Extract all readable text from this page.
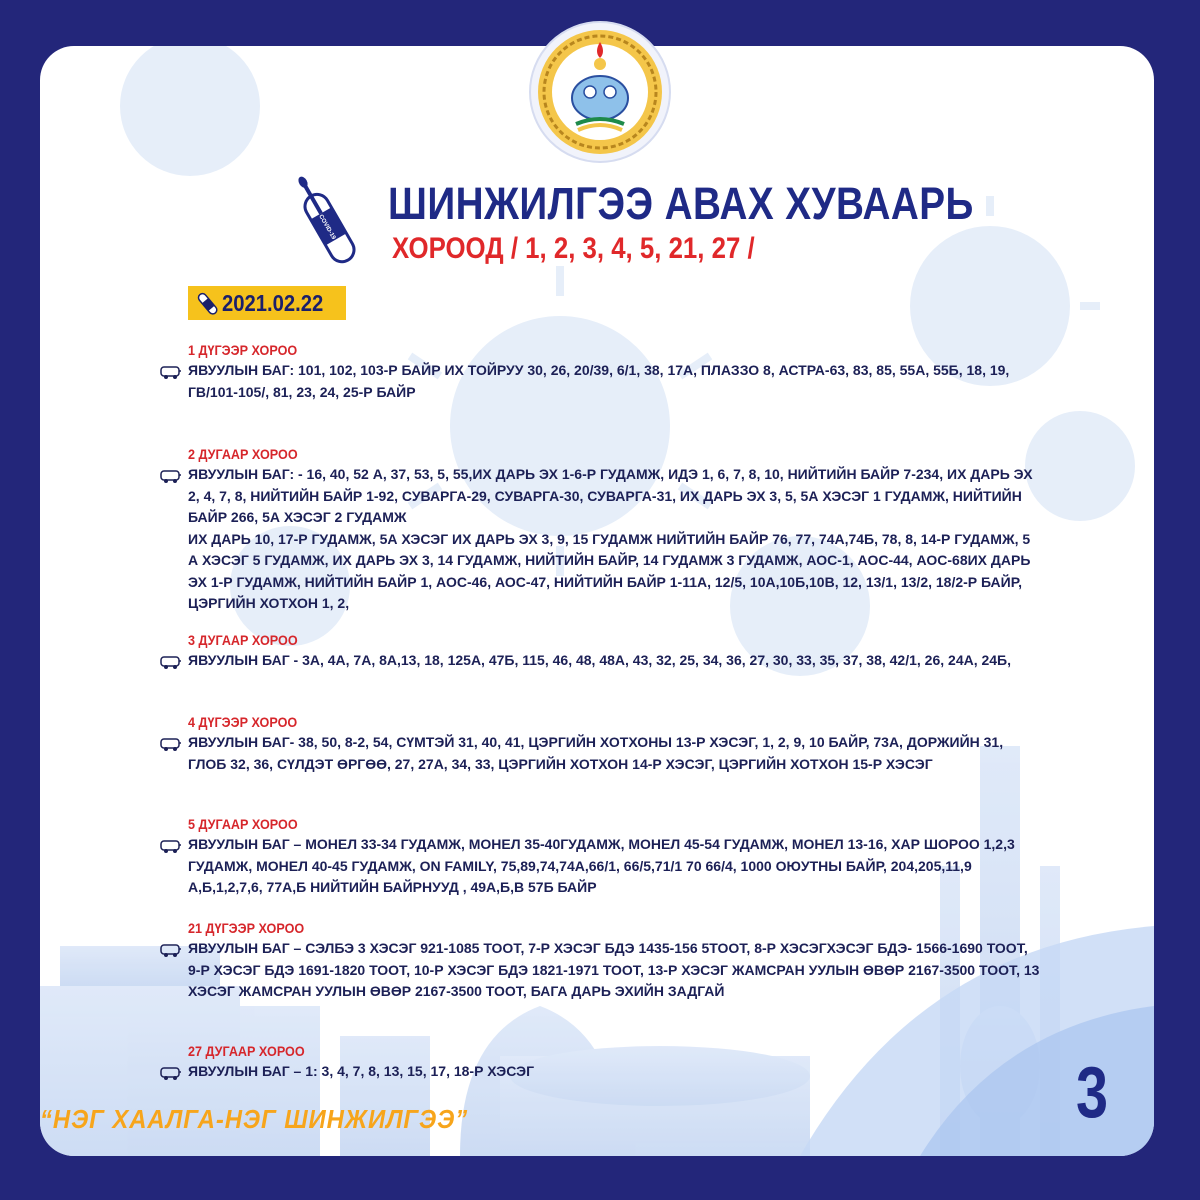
COVID-19 ШИНЖИЛГЭЭ АВАХ ХУВААРЬ
ХОРООД / 1, 2, 3, 4, 5, 21, 27 /
2021.02.22
1 ДҮГЭЭР ХОРОО

ЯВУУЛЫН БАГ: 101, 102, 103-Р БАЙР ИХ ТОЙРУУ 30, 26, 20/39, 6/1, 38, 17А, ПЛАЗЗО 8, АСТРА-63, 83, 85, 55А, 55Б, 18, 19, ГВ/101-105/, 81, 23, 24, 25-Р БАЙР

2 ДУГААР ХОРОО

ЯВУУЛЫН БАГ: - 16, 40, 52 А, 37, 53, 5, 55,ИХ ДАРЬ ЭХ 1-6-Р ГУДАМЖ, ИДЭ 1, 6, 7, 8, 10, НИЙТИЙН БАЙР 7-234, ИХ ДАРЬ ЭХ 2, 4, 7, 8, НИЙТИЙН БАЙР 1-92, СУВАРГА-29, СУВАРГА-30, СУВАРГА-31, ИХ ДАРЬ ЭХ 3, 5, 5А ХЭСЭГ 1 ГУДАМЖ, НИЙТИЙН БАЙР 266, 5А ХЭСЭГ 2 ГУДАМЖ

ИХ ДАРЬ 10, 17-Р ГУДАМЖ, 5А ХЭСЭГ ИХ ДАРЬ ЭХ 3, 9, 15 ГУДАМЖ НИЙТИЙН БАЙР 76, 77, 74А,74Б, 78, 8, 14-Р ГУДАМЖ, 5 А ХЭСЭГ 5 ГУДАМЖ, ИХ ДАРЬ ЭХ 3, 14 ГУДАМЖ, НИЙТИЙН БАЙР, 14 ГУДАМЖ 3 ГУДАМЖ, АОС-1, АОС-44, АОС-68ИХ ДАРЬ ЭХ 1-Р ГУДАМЖ, НИЙТИЙН БАЙР 1, АОС-46, АОС-47, НИЙТИЙН БАЙР 1-11А, 12/5, 10А,10Б,10В, 12, 13/1, 13/2, 18/2-Р БАЙР, ЦЭРГИЙН ХОТХОН 1, 2,

3 ДУГААР ХОРОО

ЯВУУЛЫН БАГ - 3А, 4А, 7А, 8А,13, 18, 125А, 47Б, 115, 46, 48, 48А, 43, 32, 25, 34, 36, 27, 30, 33, 35, 37, 38, 42/1, 26, 24А, 24Б,

4 ДҮГЭЭР ХОРОО

ЯВУУЛЫН БАГ- 38, 50, 8-2, 54, СҮМТЭЙ 31, 40, 41, ЦЭРГИЙН ХОТХОНЫ 13-Р ХЭСЭГ, 1, 2, 9, 10 БАЙР, 73А, ДОРЖИЙН 31, ГЛОБ 32, 36, СҮЛДЭТ ӨРГӨӨ, 27, 27А, 34, 33, ЦЭРГИЙН ХОТХОН 14-Р ХЭСЭГ, ЦЭРГИЙН ХОТХОН 15-Р ХЭСЭГ

5 ДУГААР ХОРОО

ЯВУУЛЫН БАГ – МОНЕЛ 33-34 ГУДАМЖ, МОНЕЛ 35-40ГУДАМЖ, МОНЕЛ 45-54 ГУДАМЖ, МОНЕЛ 13-16, ХАР ШОРОО 1,2,3 ГУДАМЖ, МОНЕЛ 40-45 ГУДАМЖ, ON FAMILY, 75,89,74,74А,66/1, 66/5,71/1 70 66/4, 1000 ОЮУТНЫ БАЙР, 204,205,11,9 А,Б,1,2,7,6, 77А,Б НИЙТИЙН БАЙРНУУД , 49А,Б,В 57Б БАЙР

21 ДҮГЭЭР ХОРОО

ЯВУУЛЫН БАГ – СЭЛБЭ 3 ХЭСЭГ 921-1085 ТООТ, 7-Р ХЭСЭГ БДЭ 1435-156 5ТООТ, 8-Р ХЭСЭГХЭСЭГ БДЭ- 1566-1690 ТООТ, 9-Р ХЭСЭГ БДЭ 1691-1820 ТООТ, 10-Р ХЭСЭГ БДЭ 1821-1971 ТООТ, 13-Р ХЭСЭГ ЖАМСРАН УУЛЫН ӨВӨР 2167-3500 ТООТ, 13 ХЭСЭГ ЖАМСРАН УУЛЫН ӨВӨР 2167-3500 ТООТ, БАГА ДАРЬ ЭХИЙН ЗАДГАЙ

27 ДУГААР ХОРОО

ЯВУУЛЫН БАГ – 1: 3, 4, 7, 8, 13, 15, 17, 18-Р ХЭСЭГ

“НЭГ ХААЛГА-НЭГ ШИНЖИЛГЭЭ”	3
